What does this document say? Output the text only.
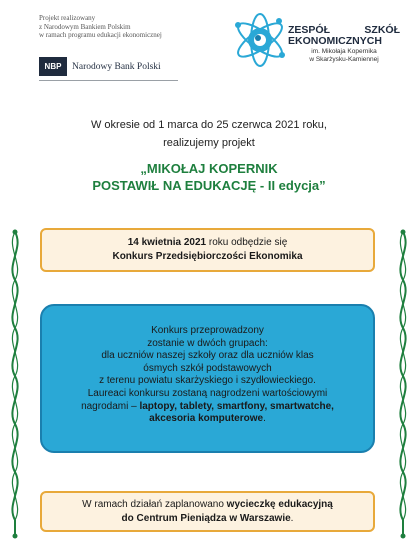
Projekt realizowany
z Narodowym Bankiem Polskim
w ramach programu edukacji ekonomicznej
NBP	Narodowy Bank Polski
ZESPÓŁ	SZKÓŁ
EKONOMICZNYCH
im. Mikołaja Kopernika
w Skarżysku-Kamiennej
W okresie od 1 marca do 25 czerwca 2021 roku,
realizujemy projekt
„MIKOŁAJ KOPERNIK
POSTAWIŁ NA EDUKACJĘ - II edycja”
14 kwietnia 2021 roku odbędzie się
Konkurs Przedsiębiorczości Ekonomika
Konkurs przeprowadzony
zostanie w dwóch grupach:
dla uczniów naszej szkoły oraz dla uczniów klas
ósmych szkół podstawowych
z terenu powiatu skarżyskiego i szydłowieckiego.
Laureaci konkursu zostaną nagrodzeni wartościowymi
nagrodami – laptopy, tablety, smartfony, smartwatche,
akcesoria komputerowe.
W ramach działań zaplanowano wycieczkę edukacyjną
do Centrum Pieniądza w Warszawie.
